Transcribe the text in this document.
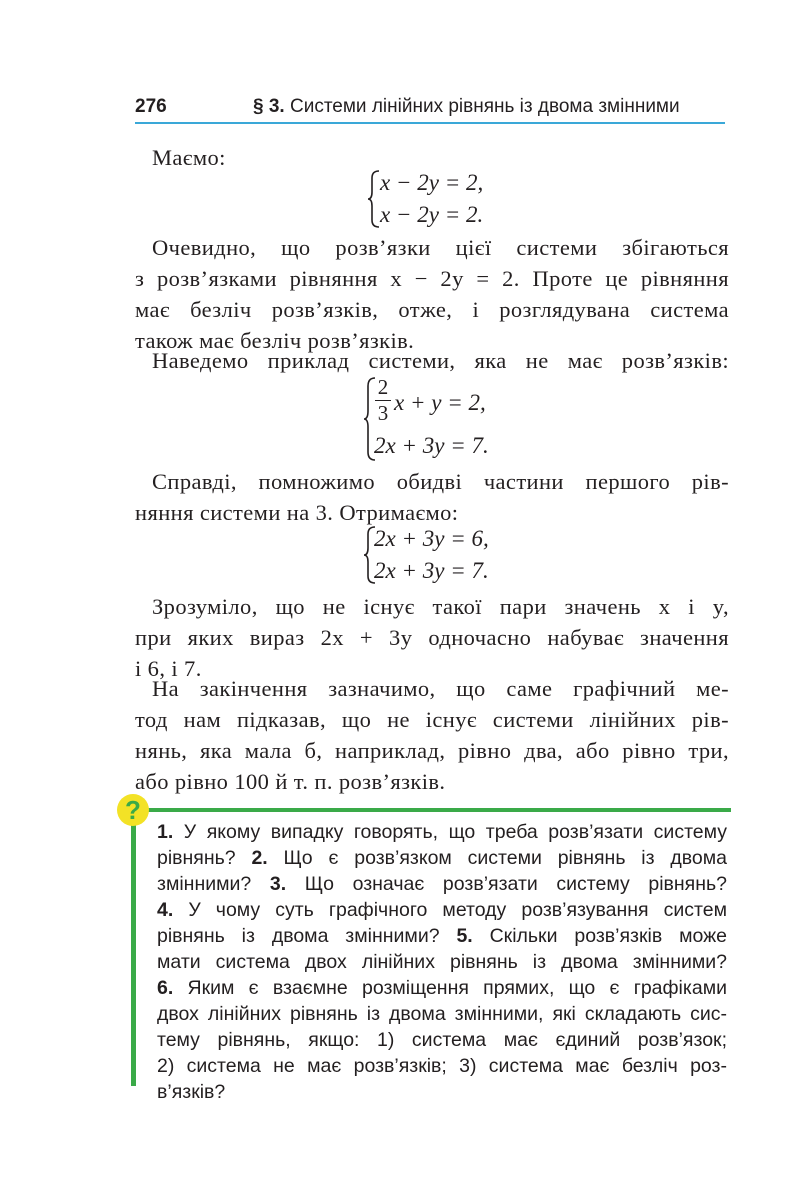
276	§ 3. Системи лінійних рівнянь із двома змінними
Маємо:
x − 2y = 2,
x − 2y = 2.
Очевидно, що розв’язки цієї системи збігаються
з розв’язками рівняння x − 2y = 2. Проте це рівняння
має безліч розв’язків, отже, і розглядувана система
також має безліч розв’язків.
Наведемо приклад системи, яка не має розв’язків:
2
3 x + y = 2,
2x + 3y = 7.
Справді, помножимо обидві частини першого рів-
няння системи на 3. Отримаємо:
2x + 3y = 6,
2x + 3y = 7.
Зрозуміло, що не існує такої пари значень x і y,
при яких вираз 2x + 3y одночасно набуває значення
і 6, і 7.
На закінчення зазначимо, що саме графічний ме-
тод нам підказав, що не існує системи лінійних рів-
нянь, яка мала б, наприклад, рівно два, або рівно три,
або рівно 100 й т. п. розв’язків.
?
1. У якому випадку говорять, що треба розв’язати систему
рівнянь? 2. Що є розв’язком системи рівнянь із двома
змінними? 3. Що означає розв’язати систему рівнянь?
4. У чому суть графічного методу розв’язування систем
рівнянь із двома змінними? 5. Скільки розв’язків може
мати система двох лінійних рівнянь із двома змінними?
6. Яким є взаємне розміщення прямих, що є графіками
двох лінійних рівнянь із двома змінними, які складають сис-
тему рівнянь, якщо: 1) система має єдиний розв’язок;
2) система не має розв’язків; 3) система має безліч роз-
в’язків?
